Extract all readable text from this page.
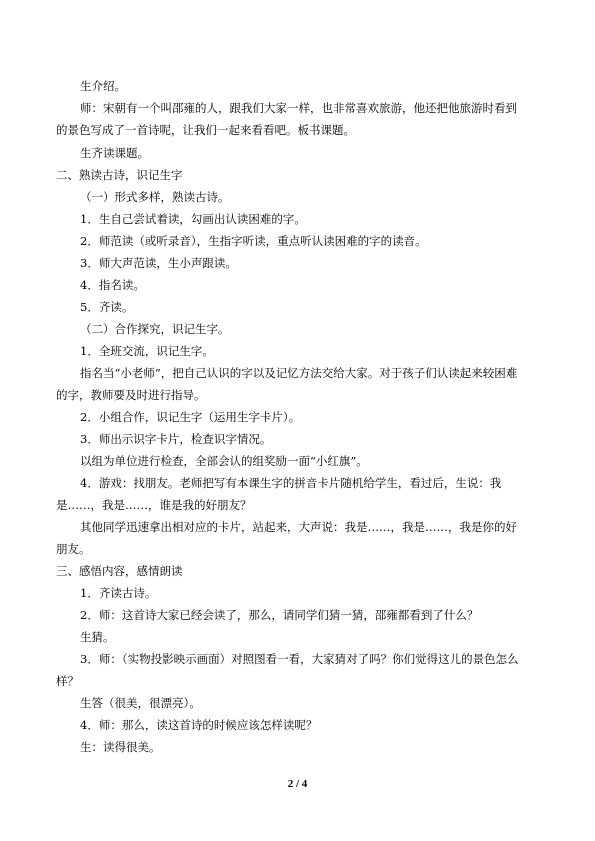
生介绍。
师：宋朝有一个叫邵雍的人，跟我们大家一样，也非常喜欢旅游，他还把他旅游时看到
的景色写成了一首诗呢，让我们一起来看看吧。板书课题。
生齐读课题。
二、熟读古诗，识记生字
（一）形式多样，熟读古诗。
1．生自己尝试着读，勾画出认读困难的字。
2．师范读（或听录音），生指字听读，重点听认读困难的字的读音。
3．师大声范读，生小声跟读。
4．指名读。
5．齐读。
（二）合作探究，识记生字。
1．全班交流，识记生字。
指名当“小老师”，把自己认识的字以及记忆方法交给大家。对于孩子们认读起来较困难
的字，教师要及时进行指导。
2．小组合作，识记生字（运用生字卡片）。
3．师出示识字卡片，检查识字情况。
以组为单位进行检查，全部会认的组奖励一面“小红旗”。
4．游戏：找朋友。老师把写有本课生字的拼音卡片随机给学生，看过后，生说：我
是……，我是……，谁是我的好朋友？
其他同学迅速拿出相对应的卡片，站起来，大声说：我是……，我是……，我是你的好
朋友。
三、感悟内容，感情朗读
1．齐读古诗。
2．师：这首诗大家已经会读了，那么，请同学们猜一猜，邵雍都看到了什么？
生猜。
3．师：（实物投影映示画面）对照图看一看，大家猜对了吗？你们觉得这儿的景色怎么
样？
生答（很美，很漂亮）。
4．师：那么，读这首诗的时候应该怎样读呢？
生：读得很美。
2 / 4
